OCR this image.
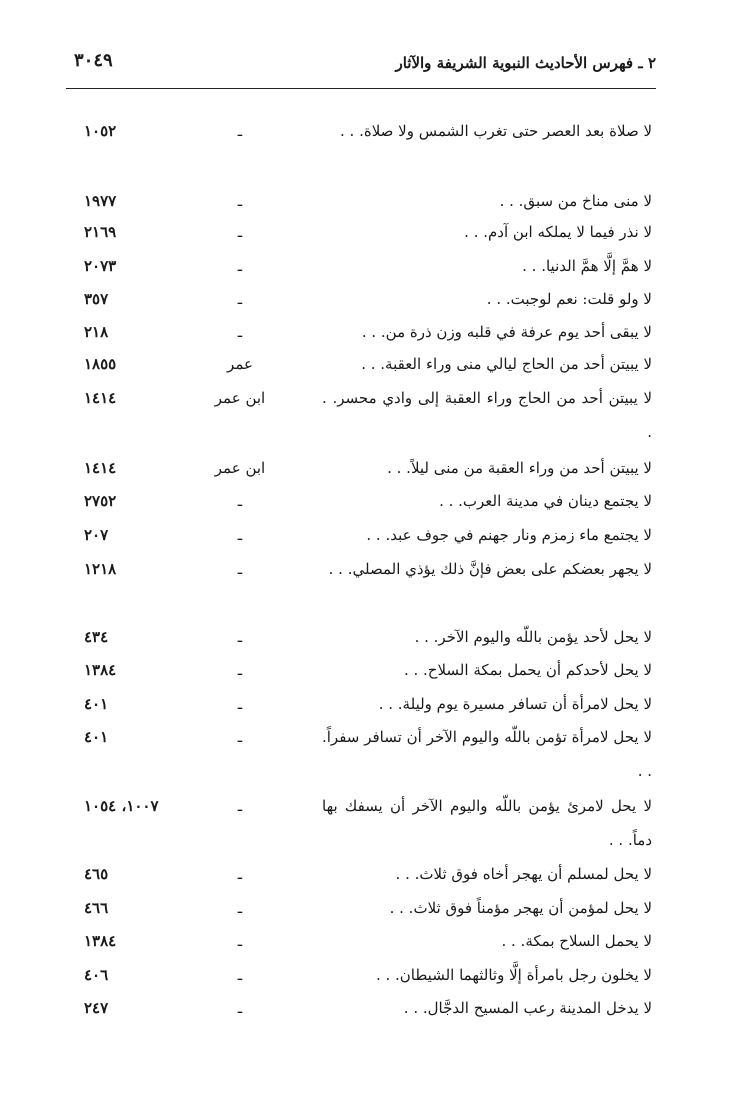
٢ ـ فهرس الأحاديث النبوية الشريفة والآثار
٣٠٤٩
لا صلاة بعد العصر حتى تغرب الشمس ولا صلاة. . .
ـ
١٠٥٢
لا منى مناخ من سبق. . .
ـ
١٩٧٧
لا نذر فيما لا يملكه ابن آدم. . .
ـ
٢١٦٩
لا همَّ إلَّا همَّ الدنيا. . .
ـ
٢٠٧٣
لا ولو قلت: نعم لوجبت. . .
ـ
٣٥٧
لا يبقى أحد يوم عرفة في قلبه وزن ذرة من. . .
ـ
٢١٨
لا يبيتن أحد من الحاج ليالي منى وراء العقبة. . .
عمر
١٨٥٥
لا يبيتن أحد من الحاج وراء العقبة إلى وادي محسر. . .
ابن عمر
١٤١٤
لا يبيتن أحد من وراء العقبة من منى ليلاً. . .
ابن عمر
١٤١٤
لا يجتمع دينان في مدينة العرب. . .
ـ
٢٧٥٢
لا يجتمع ماء زمزم ونار جهنم في جوف عبد. . .
ـ
٢٠٧
لا يجهر بعضكم على بعض فإنَّ ذلك يؤذي المصلي. . .
ـ
١٢١٨
لا يحل لأحد يؤمن باللّه واليوم الآخر. . .
ـ
٤٣٤
لا يحل لأحدكم أن يحمل بمكة السلاح. . .
ـ
١٣٨٤
لا يحل لامرأة أن تسافر مسيرة يوم وليلة. . .
ـ
٤٠١
لا يحل لامرأة تؤمن باللّه واليوم الآخر أن تسافر سفراً. . .
ـ
٤٠١
لا يحل لامرئ يؤمن باللّه واليوم الآخر أن يسفك بها دماً. . .
ـ
١٠٠٧، ١٠٥٤
لا يحل لمسلم أن يهجر أخاه فوق ثلاث. . .
ـ
٤٦٥
لا يحل لمؤمن أن يهجر مؤمناً فوق ثلاث. . .
ـ
٤٦٦
لا يحمل السلاح بمكة. . .
ـ
١٣٨٤
لا يخلون رجل بامرأة إلَّا وثالثهما الشيطان. . .
ـ
٤٠٦
لا يدخل المدينة رعب المسيح الدجَّال. . .
ـ
٢٤٧
